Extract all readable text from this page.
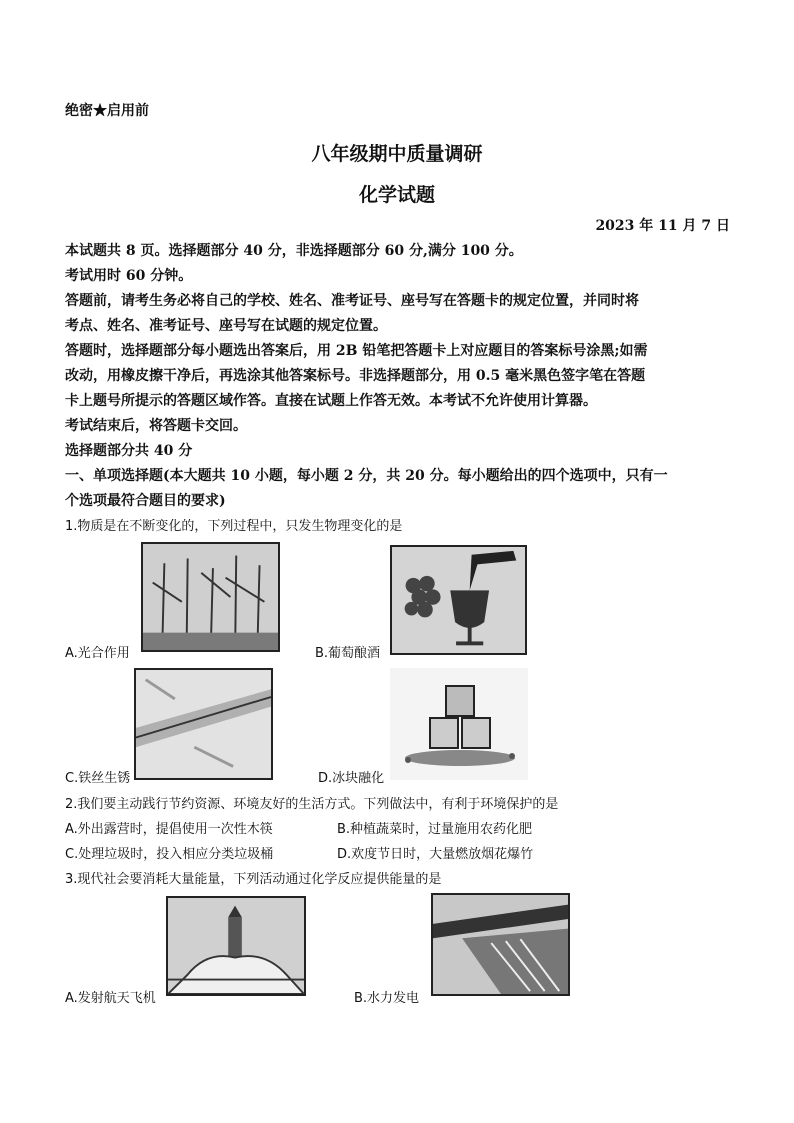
绝密★启用前
八年级期中质量调研
化学试题
2023 年 11 月 7 日
本试题共 8 页。选择题部分 40 分，非选择题部分 60 分,满分 100 分。
考试用时 60 分钟。
答题前，请考生务必将自己的学校、姓名、准考证号、座号写在答题卡的规定位置，并同时将
考点、姓名、准考证号、座号写在试题的规定位置。
答题时，选择题部分每小题选出答案后，用 2B 铅笔把答题卡上对应题目的答案标号涂黑;如需
改动，用橡皮擦干净后，再选涂其他答案标号。非选择题部分，用 0.5 毫米黑色签字笔在答题
卡上题号所提示的答题区域作答。直接在试题上作答无效。本考试不允许使用计算器。
考试结束后，将答题卡交回。
选择题部分共 40 分
一、单项选择题(本大题共 10 小题，每小题 2 分，共 20 分。每小题给出的四个选项中，只有一
个选项最符合题目的要求)
1.物质是在不断变化的，下列过程中，只发生物理变化的是
A.光合作用	B.葡萄酿酒
C.铁丝生锈	D.冰块融化
2.我们要主动践行节约资源、环境友好的生活方式。下列做法中，有利于环境保护的是
A.外出露营时，提倡使用一次性木筷	B.种植蔬菜时，过量施用农药化肥
C.处理垃圾时，投入相应分类垃圾桶	D.欢度节日时，大量燃放烟花爆竹
3.现代社会要消耗大量能量，下列活动通过化学反应提供能量的是
A.发射航天飞机	B.水力发电
